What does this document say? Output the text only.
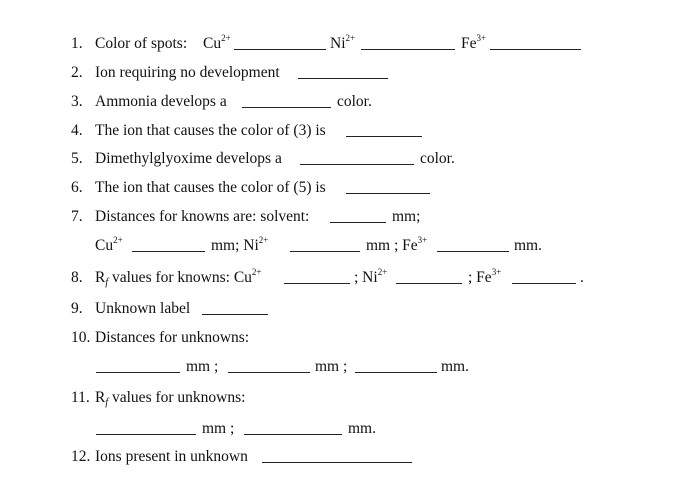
1. Color of spots: $Cu^{2+}$	$Ni^{2+}$	$Fe^{3+}$
2. Ion requiring no development
3. Ammonia develops a	color.
4. The ion that causes the color of (3) is
5. Dimethylglyoxime develops a	color.
6. The ion that causes the color of (5) is
7. Distances for knowns are: solvent:	mm;
$Cu^{2+}$	mm; $Ni^{2+}$	mm ; $Fe^{3+}$	mm.
8. $R_f$ values for knowns: $Cu^{2+}$	; $Ni^{2+}$	; $Fe^{3+}$	.
9. Unknown label
10. Distances for unknowns:
mm ;	mm ;	mm.
11. $R_f$ values for unknowns:
mm ;	mm.
12. Ions present in unknown
